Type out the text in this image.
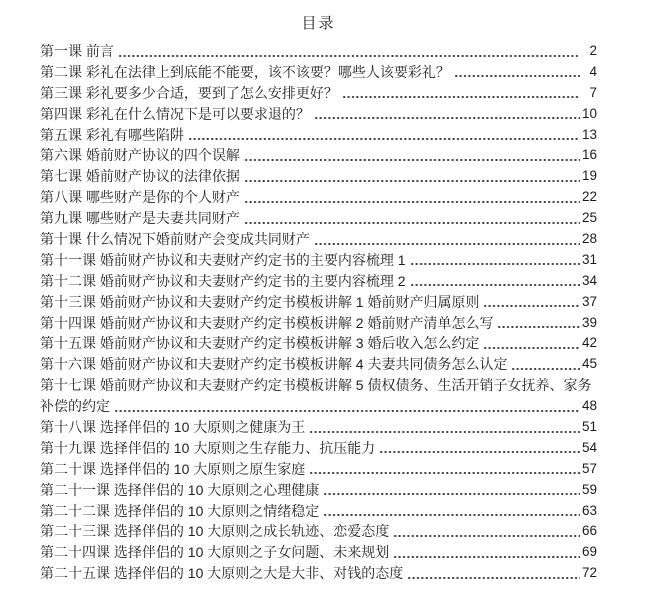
目录
第一课 前言	2
第二课 彩礼在法律上到底能不能要，该不该要？哪些人该要彩礼？	4
第三课 彩礼要多少合适，要到了怎么安排更好？	7
第四课 彩礼在什么情况下是可以要求退的？	10
第五课 彩礼有哪些陷阱	13
第六课 婚前财产协议的四个误解	16
第七课 婚前财产协议的法律依据	19
第八课 哪些财产是你的个人财产	22
第九课 哪些财产是夫妻共同财产	25
第十课 什么情况下婚前财产会变成共同财产	28
第十一课 婚前财产协议和夫妻财产约定书的主要内容梳理 1	31
第十二课 婚前财产协议和夫妻财产约定书的主要内容梳理 2	34
第十三课 婚前财产协议和夫妻财产约定书模板讲解 1 婚前财产归属原则	37
第十四课 婚前财产协议和夫妻财产约定书模板讲解 2 婚前财产清单怎么写	39
第十五课 婚前财产协议和夫妻财产约定书模板讲解 3 婚后收入怎么约定	42
第十六课 婚前财产协议和夫妻财产约定书模板讲解 4 夫妻共同债务怎么认定	45
第十七课 婚前财产协议和夫妻财产约定书模板讲解 5 债权债务、生活开销子女抚养、家务
补偿的约定	48
第十八课 选择伴侣的 10 大原则之健康为王	51
第十九课 选择伴侣的 10 大原则之生存能力、抗压能力	54
第二十课 选择伴侣的 10 大原则之原生家庭	57
第二十一课 选择伴侣的 10 大原则之心理健康	59
第二十二课 选择伴侣的 10 大原则之情绪稳定	63
第二十三课 选择伴侣的 10 大原则之成长轨迹、恋爱态度	66
第二十四课 选择伴侣的 10 大原则之子女问题、未来规划	69
第二十五课 选择伴侣的 10 大原则之大是大非、对钱的态度	72
